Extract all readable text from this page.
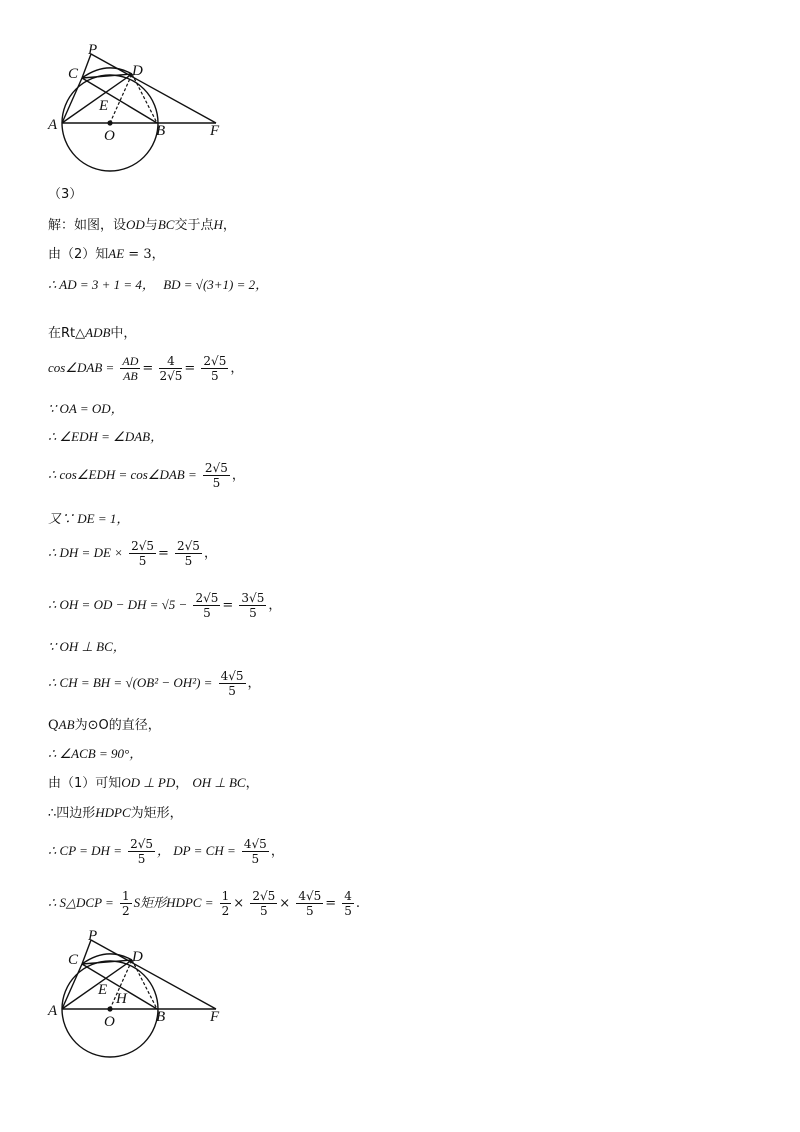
P
C	D
E
A
O	B	F
（3）
解：如图，设OD与BC交于点H，
由（2）知AE = 3，
∴ AD = 3 + 1 = 4， BD = √(3+1) = 2，
在Rt△ADB中，
cos∠DAB = $\frac{AD}{AB} = \frac{4}{2√5} = \frac{2√5}{5}$ ，
∵ OA = OD，
∴ ∠EDH = ∠DAB，
∴ cos∠EDH = cos∠DAB = $\frac{2√5}{5}$ ，
又∵ DE = 1，
∴ DH = DE × $\frac{2√5}{5} = \frac{2√5}{5}$ ，
∴ OH = OD − DH = $√5 - \frac{2√5}{5} = \frac{3√5}{5}$ ，
∵ OH ⊥ BC，
∴ CH = BH = $√(OB^2 - OH^2) = \frac{4√5}{5}$ ，
QAB为⊙O的直径，
∴ ∠ACB = 90°，
由（1）可知OD ⊥ PD， OH ⊥ BC，
∴四边形HDPC为矩形，
∴ CP = DH = $\frac{2√5}{5}$ ， DP = CH = $\frac{4√5}{5}$ ，
∴ S△DCP = $\frac{1}{2}$ S矩形HDPC = $\frac{1}{2} \times \frac{2√5}{5} \times \frac{4√5}{5} = \frac{4}{5}$ .
P
C	D
E
H
A
O	B	F
